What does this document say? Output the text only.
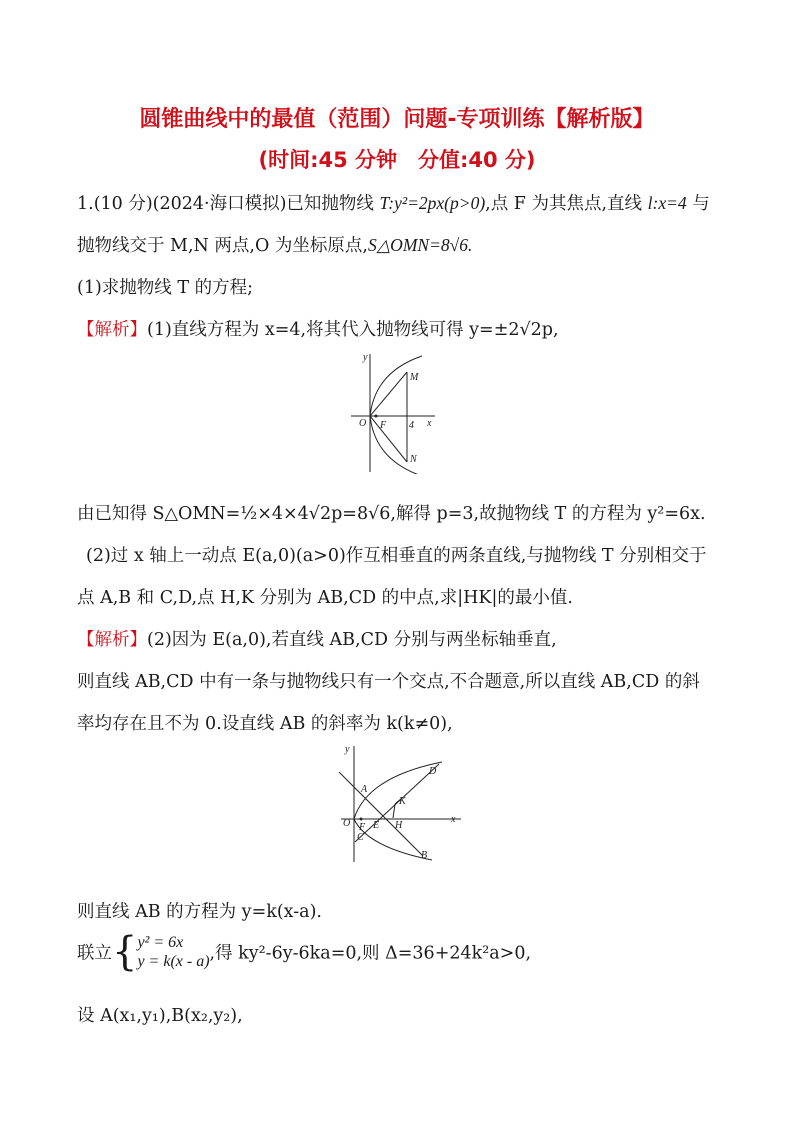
圆锥曲线中的最值（范围）问题-专项训练【解析版】
(时间:45 分钟　分值:40 分)
1.(10 分)(2024·海口模拟)已知抛物线 T:y²=2px(p>0),点 F 为其焦点,直线 l:x=4 与
抛物线交于 M,N 两点,O 为坐标原点,S△OMN=8√6.
(1)求抛物线 T 的方程;
【解析】(1)直线方程为 x=4,将其代入抛物线可得 y=±2√2p,
y
M
O F 4 x
N
由已知得 S△OMN=½×4×4√2p=8√6,解得 p=3,故抛物线 T 的方程为 y²=6x.
(2)过 x 轴上一动点 E(a,0)(a>0)作互相垂直的两条直线,与抛物线 T 分别相交于
点 A,B 和 C,D,点 H,K 分别为 AB,CD 的中点,求|HK|的最小值.
【解析】(2)因为 E(a,0),若直线 AB,CD 分别与两坐标轴垂直,
则直线 AB,CD 中有一条与抛物线只有一个交点,不合题意,所以直线 AB,CD 的斜
率均存在且不为 0.设直线 AB 的斜率为 k(k≠0),
y
D
A
K
O F E H
x
C
B
则直线 AB 的方程为 y=k(x-a).
联立{ y² = 6x
y = k(x - a) ,得 ky²-6y-6ka=0,则 Δ=36+24k²a>0,
设 A(x₁,y₁),B(x₂,y₂),
